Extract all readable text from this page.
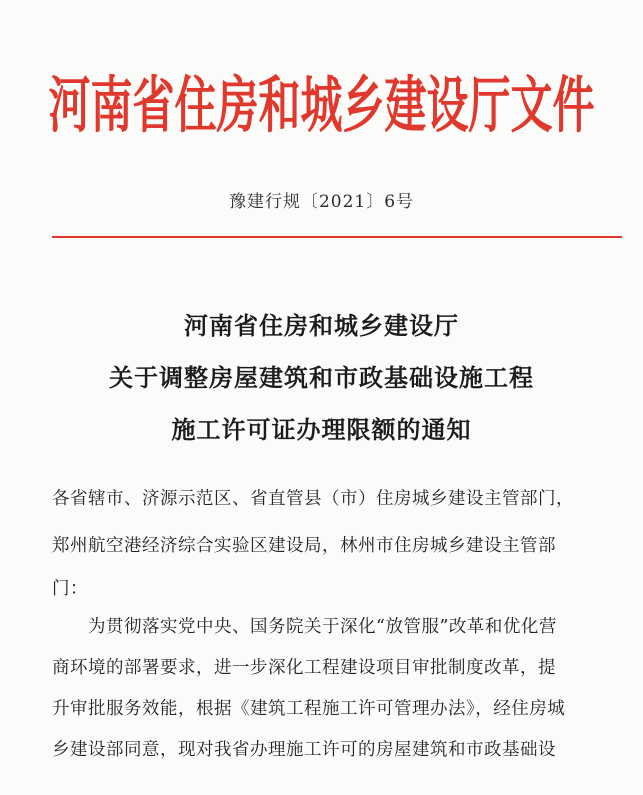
河南省住房和城乡建设厅文件
豫建行规〔2021〕6号
河南省住房和城乡建设厅
关于调整房屋建筑和市政基础设施工程
施工许可证办理限额的通知
各省辖市、济源示范区、省直管县（市）住房城乡建设主管部门，
郑州航空港经济综合实验区建设局，林州市住房城乡建设主管部
门：
　　为贯彻落实党中央、国务院关于深化“放管服”改革和优化营
商环境的部署要求，进一步深化工程建设项目审批制度改革，提
升审批服务效能，根据《建筑工程施工许可管理办法》，经住房城
乡建设部同意，现对我省办理施工许可的房屋建筑和市政基础设
